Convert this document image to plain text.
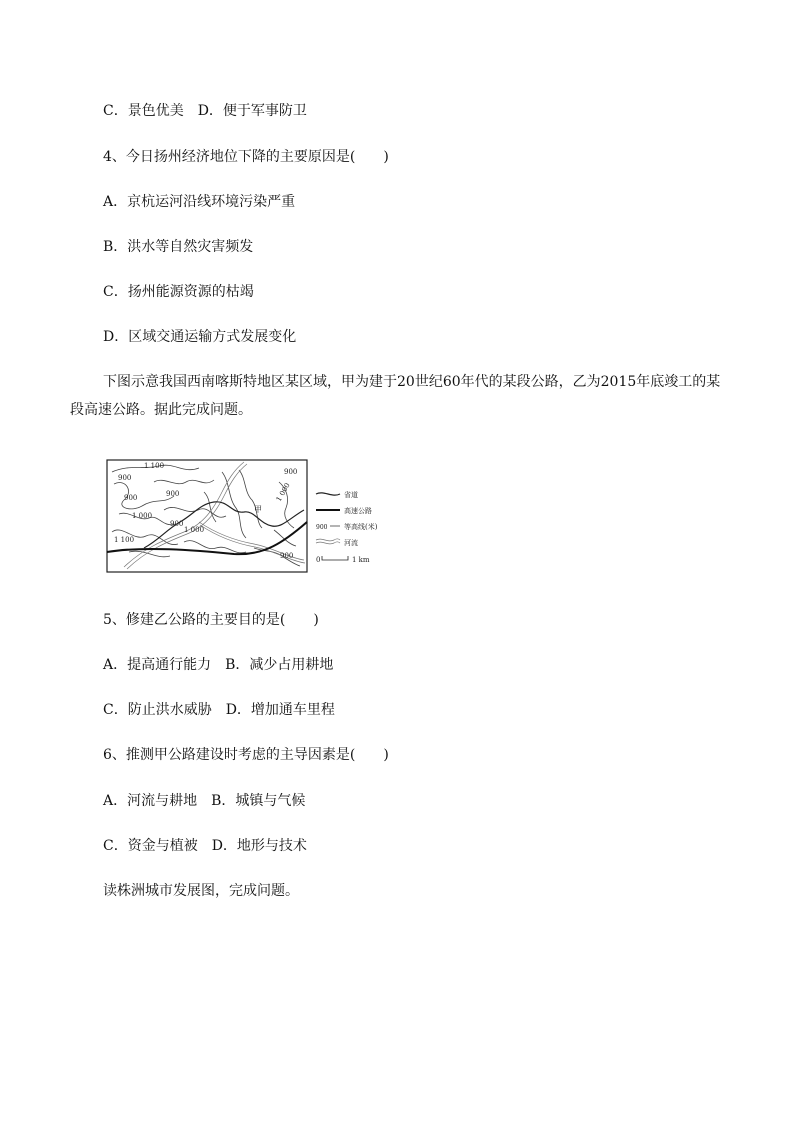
C．景色优美　D．便于军事防卫
4、今日扬州经济地位下降的主要原因是(　　)
A．京杭运河沿线环境污染严重
B．洪水等自然灾害频发
C．扬州能源资源的枯竭
D．区域交通运输方式发展变化
下图示意我国西南喀斯特地区某区域，甲为建于20世纪60年代的某段公路，乙为2015年底竣工的某段高速公路。据此完成问题。
1 100
900
900
1 000
900
1 000
1 100
900
1 000
900
900
甲
省道
高速公路
900 等高线(米)
河流
0	1 km
5、修建乙公路的主要目的是(　　)
A．提高通行能力　B．减少占用耕地
C．防止洪水威胁　D．增加通车里程
6、推测甲公路建设时考虑的主导因素是(　　)
A．河流与耕地　B．城镇与气候
C．资金与植被　D．地形与技术
读株洲城市发展图，完成问题。
